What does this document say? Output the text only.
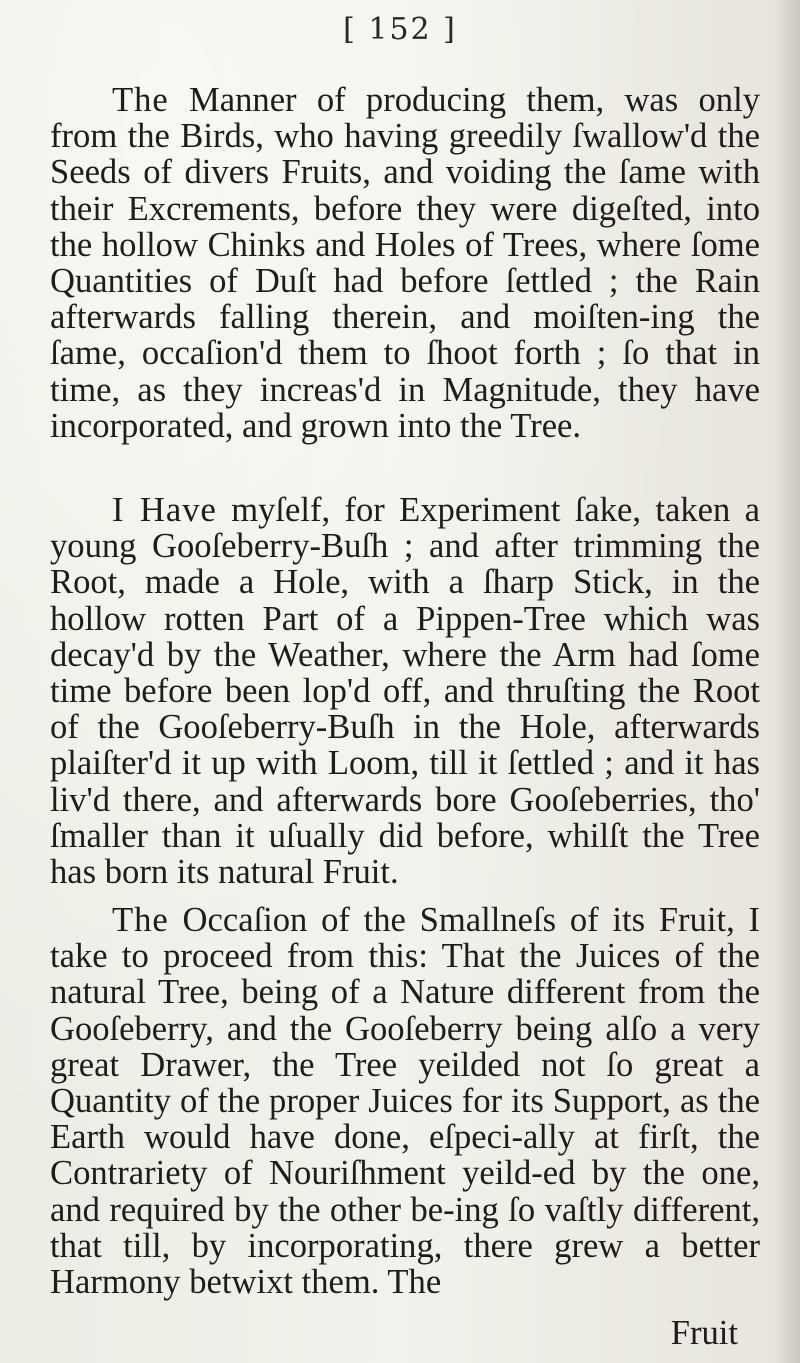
[ 152 ]

The Manner of producing them, was only from the Birds, who having greedily ſwallow'd the Seeds of divers Fruits, and voiding the ſame with their Excrements, before they were digeſted, into the hollow Chinks and Holes of Trees, where ſome Quantities of Duſt had before ſettled ; the Rain afterwards falling therein, and moiſten-ing the ſame, occaſion'd them to ſhoot forth ; ſo that in time, as they increas'd in Magnitude, they have incorporated, and grown into the Tree.

I Have myſelf, for Experiment ſake, taken a young Gooſeberry-Buſh ; and after trimming the Root, made a Hole, with a ſharp Stick, in the hollow rotten Part of a Pippen-Tree which was decay'd by the Weather, where the Arm had ſome time before been lop'd off, and thruſting the Root of the Gooſeberry-Buſh in the Hole, afterwards plaiſter'd it up with Loom, till it ſettled ; and it has liv'd there, and afterwards bore Gooſeberries, tho' ſmaller than it uſually did before, whilſt the Tree has born its natural Fruit.

The Occaſion of the Smallneſs of its Fruit, I take to proceed from this: That the Juices of the natural Tree, being of a Nature different from the Gooſeberry, and the Gooſeberry being alſo a very great Drawer, the Tree yeilded not ſo great a Quantity of the proper Juices for its Support, as the Earth would have done, eſpeci-ally at firſt, the Contrariety of Nouriſhment yeild-ed by the one, and required by the other be-ing ſo vaſtly different, that till, by incorporating, there grew a better Harmony betwixt them. The

Fruit
